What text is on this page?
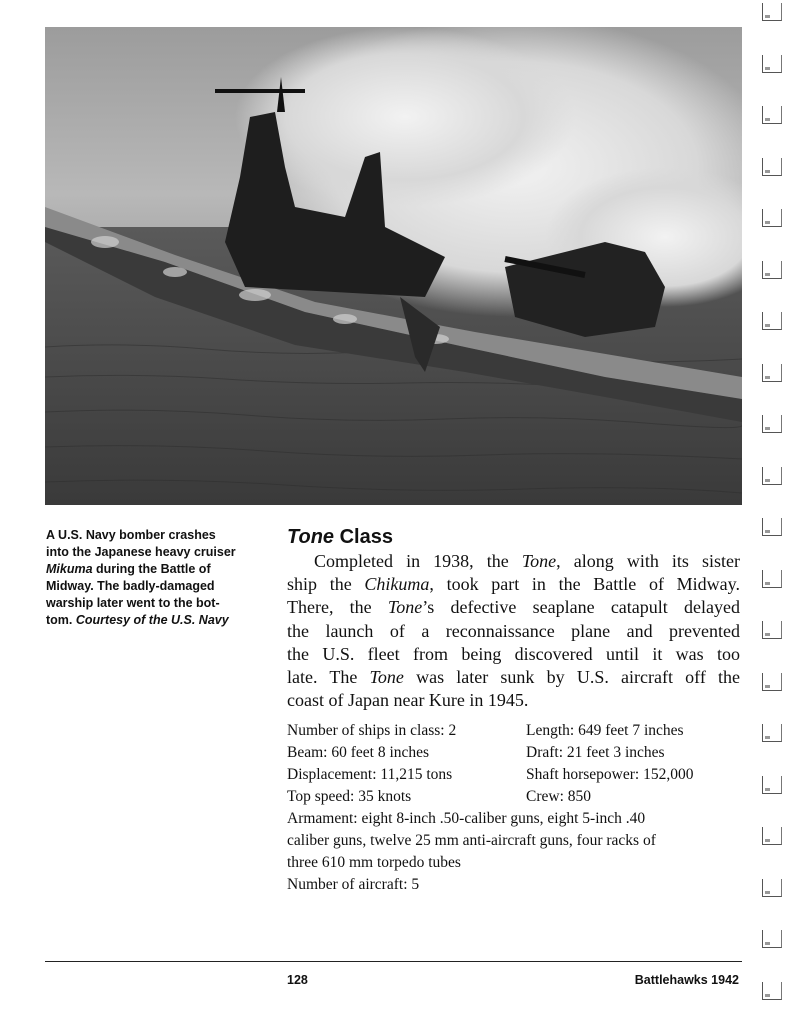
A U.S. Navy bomber crashes
into the Japanese heavy cruiser
Mikuma during the Battle of
Midway. The badly-damaged
warship later went to the bot-
tom. Courtesy of the U.S. Navy
Tone Class
Completed in 1938, the Tone, along with its sister
ship the Chikuma, took part in the Battle of Midway.
There, the Tone’s defective seaplane catapult delayed
the launch of a reconnaissance plane and prevented
the U.S. fleet from being discovered until it was too
late. The Tone was later sunk by U.S. aircraft off the
coast of Japan near Kure in 1945.
Number of ships in class: 2	Length: 649 feet 7 inches
Beam: 60 feet 8 inches	Draft: 21 feet 3 inches
Displacement: 11,215 tons	Shaft horsepower: 152,000
Top speed: 35 knots	Crew: 850
Armament: eight 8-inch .50-caliber guns, eight 5-inch .40
caliber guns, twelve 25 mm anti-aircraft guns, four racks of
three 610 mm torpedo tubes
Number of aircraft: 5
128	Battlehawks 1942
